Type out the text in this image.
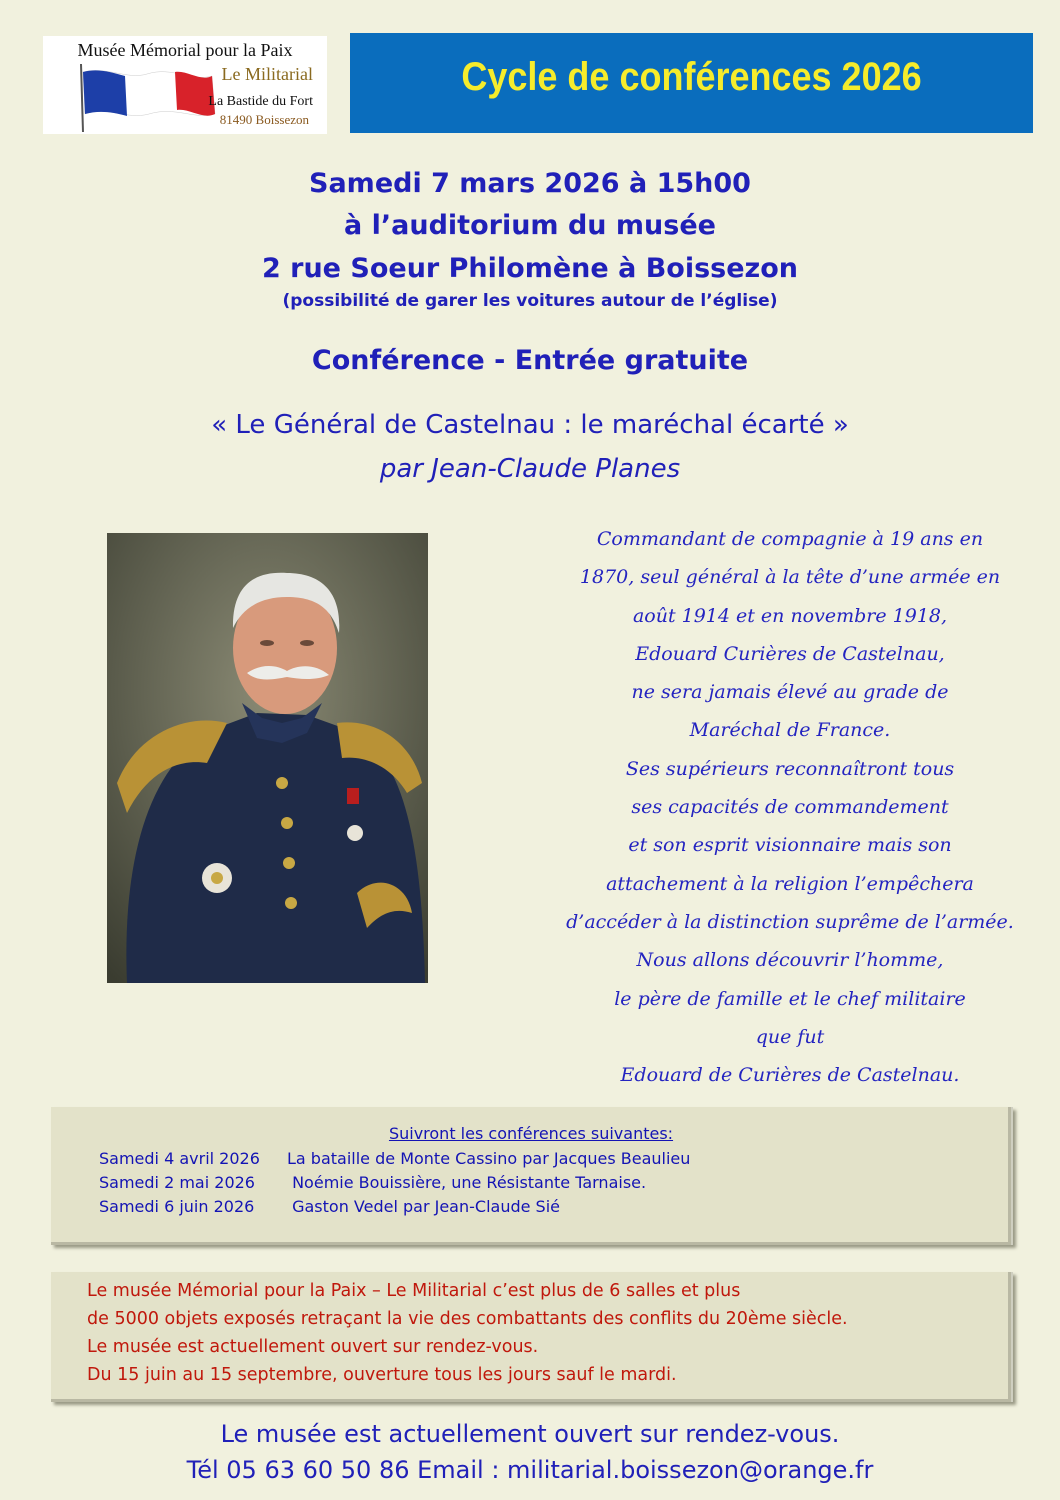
Musée Mémorial pour la Paix
Le Militarial
La Bastide du Fort
81490 Boissezon
Cycle de conférences 2026
Samedi 7 mars 2026 à 15h00
à l’auditorium du musée
2 rue Soeur Philomène à Boissezon
(possibilité de garer les voitures autour de l’église)
Conférence - Entrée gratuite
« Le Général de Castelnau : le maréchal écarté »
par Jean-Claude Planes
Commandant de compagnie à 19 ans en
1870, seul général à la tête d’une armée en
août 1914 et en novembre 1918,
Edouard Curières de Castelnau,
ne sera jamais élevé au grade de
Maréchal de France.
Ses supérieurs reconnaîtront tous
ses capacités de commandement
et son esprit visionnaire mais son
attachement à la religion l’empêchera
d’accéder à la distinction suprême de l’armée.
Nous allons découvrir l’homme,
le père de famille et le chef militaire
que fut
Edouard de Curières de Castelnau.
Suivront les conférences suivantes:
Samedi 4 avril 2026 La bataille de Monte Cassino par Jacques Beaulieu
Samedi 2 mai 2026 Noémie Bouissière, une Résistante Tarnaise.
Samedi 6 juin 2026 Gaston Vedel par Jean-Claude Sié
Le musée Mémorial pour la Paix – Le Militarial c’est plus de 6 salles et plus
de 5000 objets exposés retraçant la vie des combattants des conflits du 20ème siècle.
Le musée est actuellement ouvert sur rendez-vous.
Du 15 juin au 15 septembre, ouverture tous les jours sauf le mardi.
Le musée est actuellement ouvert sur rendez-vous.
Tél 05 63 60 50 86 Email : militarial.boissezon@orange.fr
